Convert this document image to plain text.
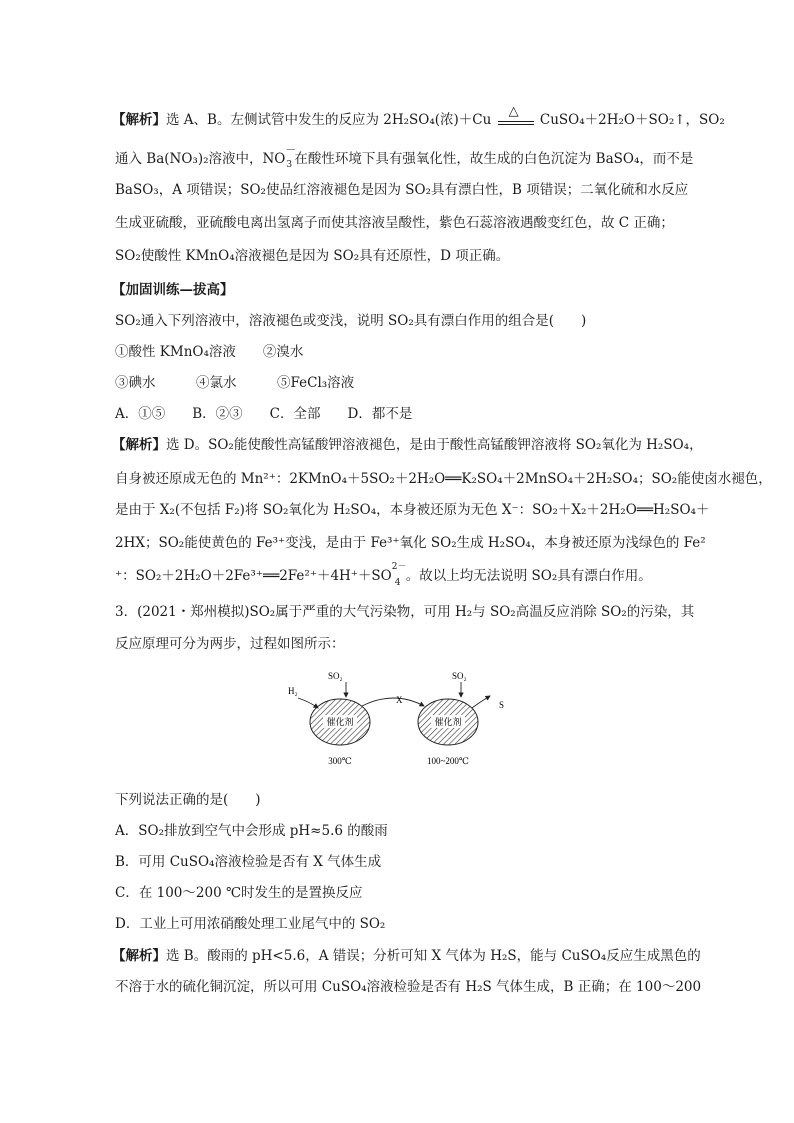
【解析】选 A、B。左侧试管中发生的反应为 2H₂SO₄(浓)＋Cu
△
CuSO₄＋2H₂O＋SO₂↑，SO₂
通入 Ba(NO₃)₂溶液中，NO
－
3 在酸性环境下具有强氧化性，故生成的白色沉淀为 BaSO₄，而不是
BaSO₃，A 项错误；SO₂使品红溶液褪色是因为 SO₂具有漂白性，B 项错误；二氧化硫和水反应
生成亚硫酸，亚硫酸电离出氢离子而使其溶液呈酸性，紫色石蕊溶液遇酸变红色，故 C 正确；
SO₂使酸性 KMnO₄溶液褪色是因为 SO₂具有还原性，D 项正确。
【加固训练—拔高】
SO₂通入下列溶液中，溶液褪色或变浅，说明 SO₂具有漂白作用的组合是(　　)
①酸性 KMnO₄溶液　　②溴水
③碘水　　　④氯水　　　⑤FeCl₃溶液
A．①⑤　　B．②③　　C．全部　　D．都不是
【解析】选 D。SO₂能使酸性高锰酸钾溶液褪色，是由于酸性高锰酸钾溶液将 SO₂氧化为 H₂SO₄，
自身被还原成无色的 Mn²⁺：2KMnO₄＋5SO₂＋2H₂O══K₂SO₄＋2MnSO₄＋2H₂SO₄；SO₂能使卤水褪色，
是由于 X₂(不包括 F₂)将 SO₂氧化为 H₂SO₄，本身被还原为无色 X⁻：SO₂＋X₂＋2H₂O══H₂SO₄＋
2HX；SO₂能使黄色的 Fe³⁺变浅，是由于 Fe³⁺氧化 SO₂生成 H₂SO₄，本身被还原为浅绿色的 Fe²
⁺：SO₂＋2H₂O＋2Fe³⁺══2Fe²⁺＋4H⁺＋SO
2－
4 。故以上均无法说明 SO₂具有漂白作用。
3．(2021・郑州模拟)SO₂属于严重的大气污染物，可用 H₂与 SO₂高温反应消除 SO₂的污染，其
反应原理可分为两步，过程如图所示：
催化剂	催化剂
H₂
SO₂
X
SO₂
S
300℃	100~200℃
下列说法正确的是(　　)
A．SO₂排放到空气中会形成 pH≈5.6 的酸雨
B．可用 CuSO₄溶液检验是否有 X 气体生成
C．在 100～200 ℃时发生的是置换反应
D．工业上可用浓硝酸处理工业尾气中的 SO₂
【解析】选 B。酸雨的 pH<5.6，A 错误；分析可知 X 气体为 H₂S，能与 CuSO₄反应生成黑色的
不溶于水的硫化铜沉淀，所以可用 CuSO₄溶液检验是否有 H₂S 气体生成，B 正确；在 100～200
